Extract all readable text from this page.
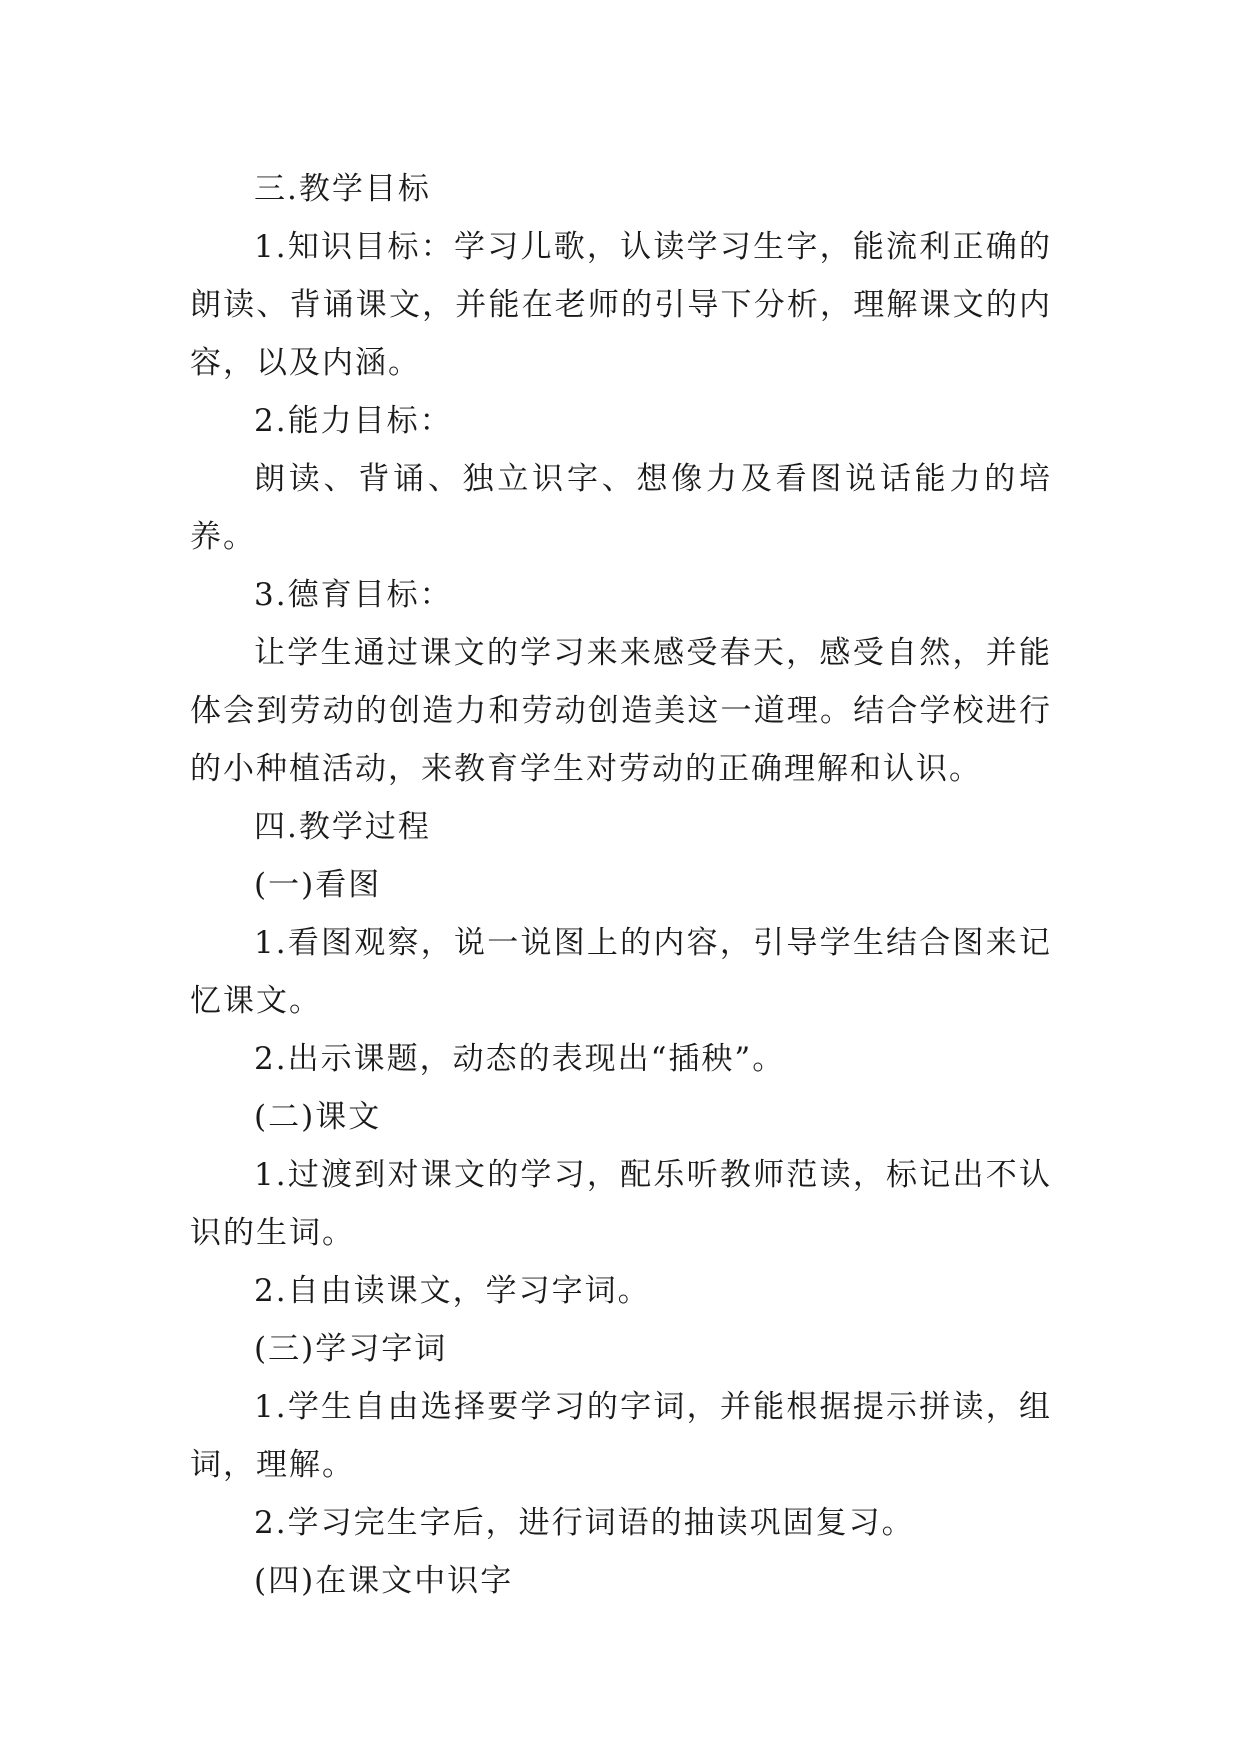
三.教学目标

1.知识目标：学习儿歌，认读学习生字，能流利正确的朗读、背诵课文，并能在老师的引导下分析，理解课文的内容，以及内涵。

2.能力目标：

朗读、背诵、独立识字、想像力及看图说话能力的培养。

3.德育目标：

让学生通过课文的学习来来感受春天，感受自然，并能体会到劳动的创造力和劳动创造美这一道理。结合学校进行的小种植活动，来教育学生对劳动的正确理解和认识。

四.教学过程

(一)看图

1.看图观察，说一说图上的内容，引导学生结合图来记忆课文。

2.出示课题，动态的表现出“插秧”。

(二)课文

1.过渡到对课文的学习，配乐听教师范读，标记出不认识的生词。

2.自由读课文，学习字词。

(三)学习字词

1.学生自由选择要学习的字词，并能根据提示拼读，组词，理解。

2.学习完生字后，进行词语的抽读巩固复习。

(四)在课文中识字
